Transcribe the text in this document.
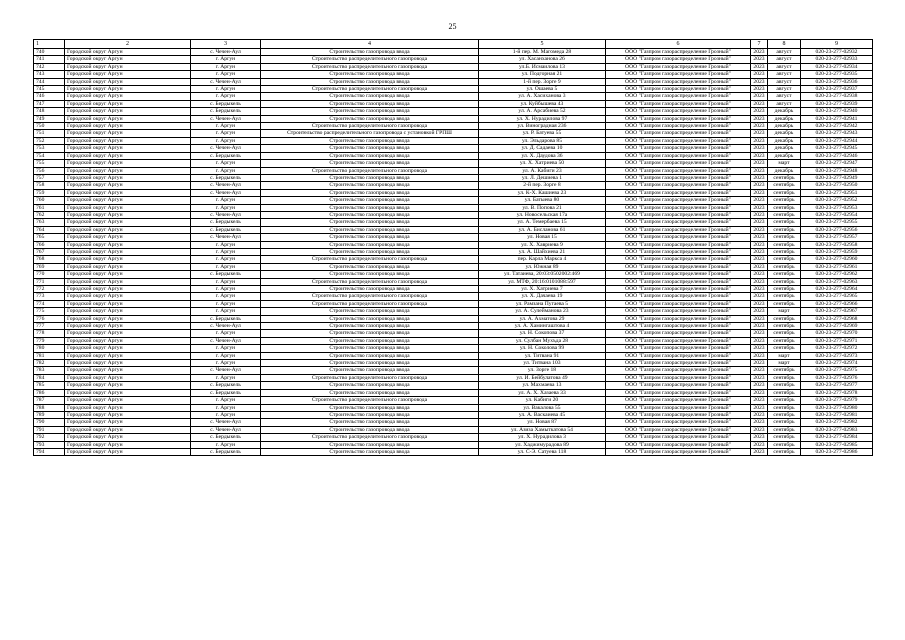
25
1	2	3	4	5	6	7	8	9
740	Городской округ Аргун	с. Чечен-Аул	Строительство газопровода ввода	1-й пер. М. Магомеда 28	ООО "Газпром газораспределение Грозный"	2023	август	020-23-277-02932
741	Городской округ Аргун	г. Аргун	Строительство распределительного газопровода	ул. Хасанханова 26	ООО "Газпром газораспределение Грозный"	2023	август	020-23-277-02933
742	Городской округ Аргун	г. Аргун	Строительство распределительного газопровода	ул.Б. Исмаилова 13	ООО "Газпром газораспределение Грозный"	2023	август	020-23-277-02934
743	Городской округ Аргун	г. Аргун	Строительство газопровода ввода	ул. Подгорная 21	ООО "Газпром газораспределение Грозный"	2023	август	020-23-277-02935
744	Городской округ Аргун	с. Чечен-Аул	Строительство газопровода ввода	1-й пер. Зорге 9	ООО "Газпром газораспределение Грозный"	2023	август	020-23-277-02936
745	Городской округ Аргун	г. Аргун	Строительство распределительного газопровода	ул. Ошаева 5	ООО "Газпром газораспределение Грозный"	2023	август	020-23-277-02937
746	Городской округ Аргун	г. Аргун	Строительство газопровода ввода	ул. А. Хасиханова 3	ООО "Газпром газораспределение Грозный"	2023	август	020-23-277-02938
747	Городской округ Аргун	с. Бердыкель	Строительство газопровода ввода	ул. Куйбышева 43	ООО "Газпром газораспределение Грозный"	2023	август	020-23-277-02939
748	Городской округ Аргун	с. Бердыкель	Строительство газопровода ввода	ул. А. Арсабиева 52	ООО "Газпром газораспределение Грозный"	2023	декабрь	020-23-277-02940
749	Городской округ Аргун	с. Чечен-Аул	Строительство газопровода ввода	ул. Х. Нурадилова 97	ООО "Газпром газораспределение Грозный"	2023	декабрь	020-23-277-02941
750	Городской округ Аргун	г. Аргун	Строительство распределительного газопровода	ул. Виноградная 236	ООО "Газпром газораспределение Грозный"	2023	декабрь	020-23-277-02942
751	Городской округ Аргун	г. Аргун	Строительство распределительного газопровода с установкой ГРПШ	ул. Р. Батуева 55	ООО "Газпром газораспределение Грозный"	2023	декабрь	020-23-277-02943
752	Городской округ Аргун	г. Аргун	Строительство газопровода ввода	ул. Эльдарова 85	ООО "Газпром газораспределение Грозный"	2023	декабрь	020-23-277-02944
753	Городской округ Аргун	с. Чечен-Аул	Строительство газопровода ввода	ул. Д. Садаева 10	ООО "Газпром газораспределение Грозный"	2023	декабрь	020-23-277-02945
754	Городской округ Аргун	с. Бердыкель	Строительство газопровода ввода	ул. Х. Даудова 36	ООО "Газпром газораспределение Грозный"	2023	декабрь	020-23-277-02946
755	Городской округ Аргун	г. Аргун	Строительство газопровода ввода	ул. Х. Хатриева 50	ООО "Газпром газораспределение Грозный"	2023	март	020-23-277-02947
756	Городской округ Аргун	г. Аргун	Строительство распределительного газопровода	ул. А. Кабиги 23	ООО "Газпром газораспределение Грозный"	2023	декабрь	020-23-277-02948
757	Городской округ Аргун	с. Бердыкель	Строительство газопровода ввода	ул. Л. Дешиева 1	ООО "Газпром газораспределение Грозный"	2023	сентябрь	020-23-277-02949
758	Городской округ Аргун	с. Чечен-Аул	Строительство газопровода ввода	2-й пер. Зорге 8	ООО "Газпром газораспределение Грозный"	2023	сентябрь	020-23-277-02950
759	Городской округ Аргун	с. Чечен-Аул	Строительство газопровода ввода	ул. К-Х. Кашиева 23	ООО "Газпром газораспределение Грозный"	2023	сентябрь	020-23-277-02951
760	Городской округ Аргун	г. Аргун	Строительство газопровода ввода	ул. Батыева 80	ООО "Газпром газораспределение Грозный"	2023	сентябрь	020-23-277-02952
761	Городской округ Аргун	г. Аргун	Строительство газопровода ввода	ул. В. Попова 21	ООО "Газпром газораспределение Грозный"	2023	сентябрь	020-23-277-02953
762	Городской округ Аргун	с. Чечен-Аул	Строительство газопровода ввода	ул. Новосельская 17а	ООО "Газпром газораспределение Грозный"	2023	сентябрь	020-23-277-02954
763	Городской округ Аргун	с. Бердыкель	Строительство газопровода ввода	ул. А. Темербаева 15	ООО "Газпром газораспределение Грозный"	2023	сентябрь	020-23-277-02955
764	Городской округ Аргун	с. Бердыкель	Строительство газопровода ввода	ул. А. Бисланова 61	ООО "Газпром газораспределение Грозный"	2023	сентябрь	020-23-277-02956
765	Городской округ Аргун	с. Чечен-Аул	Строительство газопровода ввода	ул. Новая 15	ООО "Газпром газораспределение Грозный"	2023	сентябрь	020-23-277-02957
766	Городской округ Аргун	г. Аргун	Строительство газопровода ввода	ул. Х. Хавриева 9	ООО "Газпром газораспределение Грозный"	2023	сентябрь	020-23-277-02958
767	Городской округ Аргун	г. Аргун	Строительство газопровода ввода	ул. А. Шайхиева 21	ООО "Газпром газораспределение Грозный"	2023	сентябрь	020-23-277-02959
768	Городской округ Аргун	г. Аргун	Строительство распределительного газопровода	пер. Карла Маркса 4	ООО "Газпром газораспределение Грозный"	2023	сентябрь	020-23-277-02960
769	Городской округ Аргун	г. Аргун	Строительство газопровода ввода	ул. Южная 89	ООО "Газпром газораспределение Грозный"	2023	сентябрь	020-23-277-02961
770	Городской округ Аргун	с. Бердыкель	Строительство газопровода ввода	ул. Татаиева, 20:03:0502002:469	ООО "Газпром газораспределение Грозный"	2023	сентябрь	020-23-277-02962
771	Городской округ Аргун	г. Аргун	Строительство распределительного газопровода	ул. МТФ, 20:16:0101088:597	ООО "Газпром газораспределение Грозный"	2023	сентябрь	020-23-277-02963
772	Городской округ Аргун	г. Аргун	Строительство газопровода ввода	ул. Х. Хатриева 7	ООО "Газпром газораспределение Грозный"	2023	сентябрь	020-23-277-02964
773	Городской округ Аргун	г. Аргун	Строительство распределительного газопровода	ул. Х. Дачаева 19	ООО "Газпром газораспределение Грозный"	2023	сентябрь	020-23-277-02965
774	Городской округ Аргун	г. Аргун	Строительство распределительного газопровода	ул. Рамзана Пугаева 5	ООО "Газпром газораспределение Грозный"	2023	сентябрь	020-23-277-02966
775	Городской округ Аргун	г. Аргун	Строительство газопровода ввода	ул. А. Сулейманова 23	ООО "Газпром газораспределение Грозный"	2023	март	020-23-277-02967
776	Городской округ Аргун	с. Бердыкель	Строительство газопровода ввода	ул. А. Ахматова 29	ООО "Газпром газораспределение Грозный"	2023	сентябрь	020-23-277-02968
777	Городской округ Аргун	с. Чечен-Аул	Строительство газопровода ввода	ул. А. Хамингаштова 4	ООО "Газпром газораспределение Грозный"	2023	сентябрь	020-23-277-02969
778	Городской округ Аргун	г. Аргун	Строительство газопровода ввода	ул. Н. Сокопова 37	ООО "Газпром газораспределение Грозный"	2023	сентябрь	020-23-277-02970
779	Городской округ Аргун	с. Чечен-Аул	Строительство газопровода ввода	ул. Сулбан Мухъда 28	ООО "Газпром газораспределение Грозный"	2023	сентябрь	020-23-277-02971
780	Городской округ Аргун	г. Аргун	Строительство газопровода ввода	ул. Н. Соколова 99	ООО "Газпром газораспределение Грозный"	2023	сентябрь	020-23-277-02972
781	Городской округ Аргун	г. Аргун	Строительство газопровода ввода	ул. Титвана 91	ООО "Газпром газораспределение Грозный"	2023	март	020-23-277-02973
782	Городской округ Аргун	г. Аргун	Строительство газопровода ввода	ул. Титвана 103	ООО "Газпром газораспределение Грозный"	2023	март	020-23-277-02974
783	Городской округ Аргун	с. Чечен-Аул	Строительство газопровода ввода	ул. Зорге 18	ООО "Газпром газораспределение Грозный"	2023	сентябрь	020-23-277-02975
784	Городской округ Аргун	г. Аргун	Строительство распределительного газопровода	ул. И. Бейбулатова 49	ООО "Газпром газораспределение Грозный"	2023	сентябрь	020-23-277-02976
785	Городской округ Аргун	с. Бердыкель	Строительство газопровода ввода	ул. Махмаева 13	ООО "Газпром газораспределение Грозный"	2023	сентябрь	020-23-277-02977
786	Городской округ Аргун	с. Бердыкель	Строительство газопровода ввода	ул. А. Х. Хазаева 33	ООО "Газпром газораспределение Грозный"	2023	сентябрь	020-23-277-02978
787	Городской округ Аргун	г. Аргун	Строительство распределительного газопровода	ул. Кабиги 20	ООО "Газпром газораспределение Грозный"	2023	сентябрь	020-23-277-02979
788	Городской округ Аргун	г. Аргун	Строительство газопровода ввода	ул. Вакалова 55	ООО "Газпром газораспределение Грозный"	2023	сентябрь	020-23-277-02980
789	Городской округ Аргун	г. Аргун	Строительство газопровода ввода	ул. А. Васкаиева 45	ООО "Газпром газораспределение Грозный"	2023	сентябрь	020-23-277-02981
790	Городской округ Аргун	с. Чечен-Аул	Строительство газопровода ввода	ул. Новая 87	ООО "Газпром газораспределение Грозный"	2023	сентябрь	020-23-277-02982
791	Городской округ Аргун	с. Чечен-Аул	Строительство газопровода ввода	ул. Азиза Хамыткатова 54	ООО "Газпром газораспределение Грозный"	2023	сентябрь	020-23-277-02983
792	Городской округ Аргун	с. Бердыкель	Строительство распределительного газопровода	ул. Х. Нурадилова 3	ООО "Газпром газораспределение Грозный"	2023	сентябрь	020-23-277-02984
793	Городской округ Аргун	г. Аргун	Строительство газопровода ввода	ул. Хаджимурадова 89	ООО "Газпром газораспределение Грозный"	2023	сентябрь	020-23-277-02985
794	Городской округ Аргун	с. Бердыкель	Строительство газопровода ввода	ул. С-Э. Сатуева 118	ООО "Газпром газораспределение Грозный"	2023	сентябрь	020-23-277-02986
